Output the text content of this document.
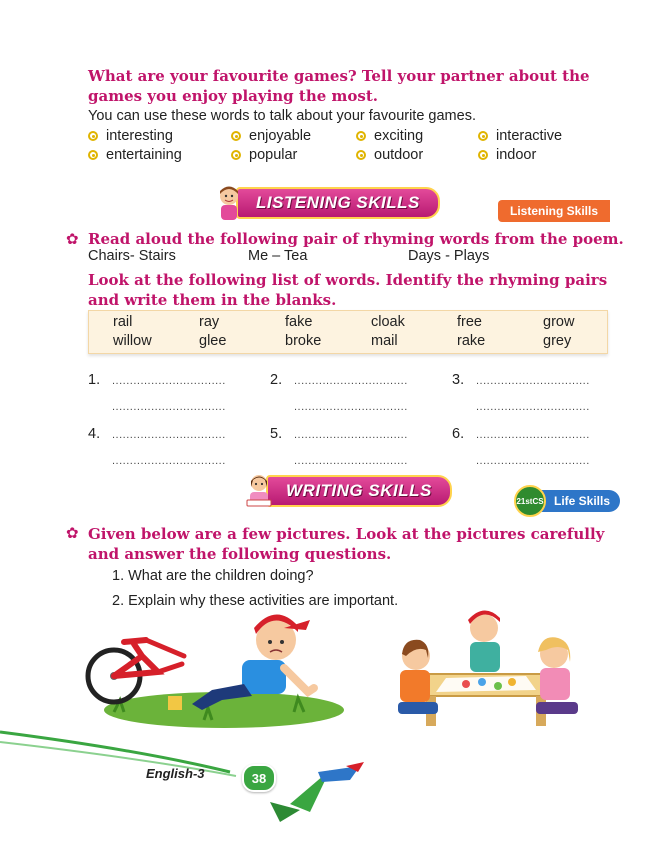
What are your favourite games? Tell your partner about the games you enjoy playing the most.
You can use these words to talk about your favourite games.
interesting	enjoyable	exciting	interactive
entertaining	popular	outdoor	indoor
LISTENING SKILLS	Listening Skills
✿ Read aloud the following pair of rhyming words from the poem.
Chairs- Stairs	Me – Tea	Days - Plays
Look at the following list of words. Identify the rhyming pairs and write them in the blanks.
rail	ray	fake	cloak	free	grow
willow	glee	broke	mail	rake	grey
1.	................................
................................
2.	................................
................................
3.	................................
................................
4.	................................
................................
5.	................................
................................
6.	................................
................................
WRITING SKILLS
21stCS Life Skills
✿ Given below are a few pictures. Look at the pictures carefully and answer the following questions.
1. What are the children doing?
2. Explain why these activities are important.
English-3	38
